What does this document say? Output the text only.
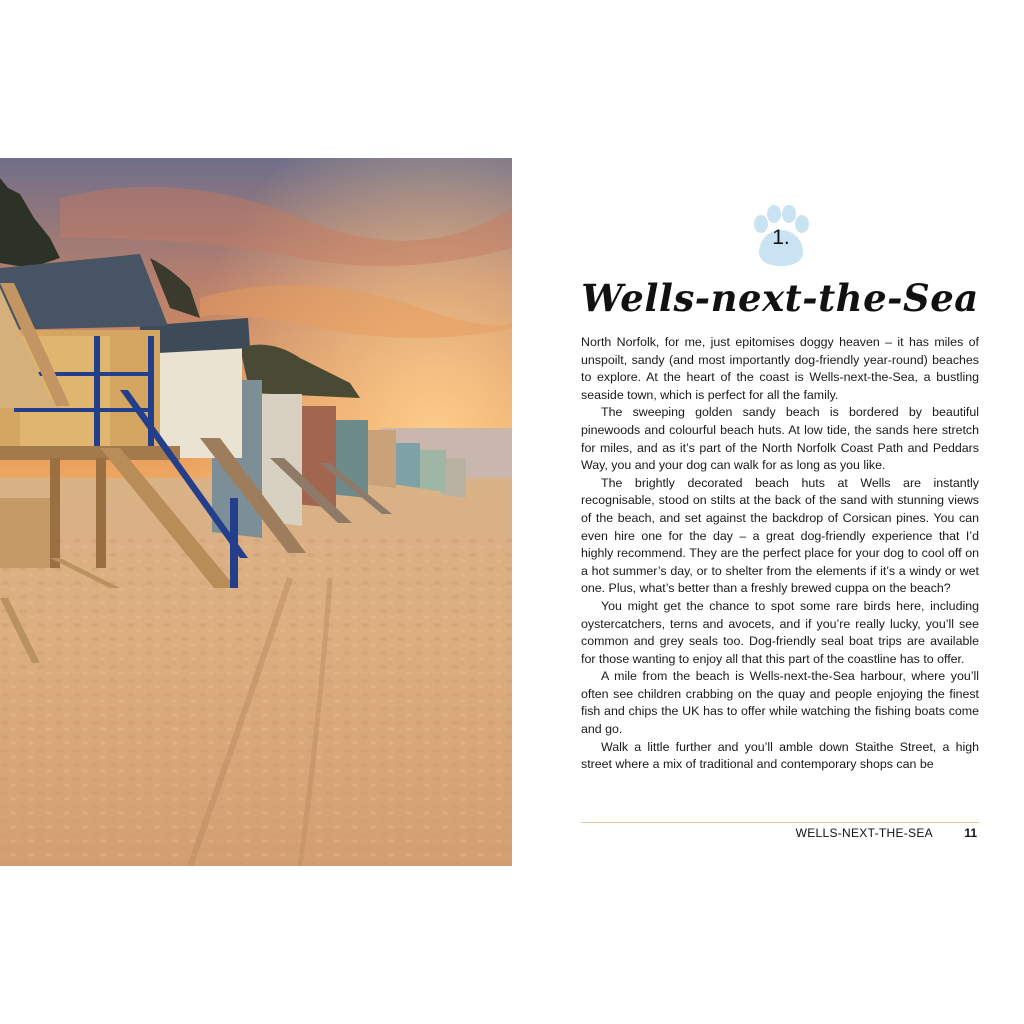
1.
Wells-next-the-Sea

North Norfolk, for me, just epitomises doggy heaven – it has miles of unspoilt, sandy (and most importantly dog-friendly year-round) beaches to explore. At the heart of the coast is Wells-next-the-Sea, a bustling seaside town, which is perfect for all the family.

The sweeping golden sandy beach is bordered by beautiful pinewoods and colourful beach huts. At low tide, the sands here stretch for miles, and as it’s part of the North Norfolk Coast Path and Peddars Way, you and your dog can walk for as long as you like.

The brightly decorated beach huts at Wells are instantly recognisable, stood on stilts at the back of the sand with stunning views of the beach, and set against the backdrop of Corsican pines. You can even hire one for the day – a great dog-friendly experience that I’d highly recommend. They are the perfect place for your dog to cool off on a hot summer’s day, or to shelter from the elements if it’s a windy or wet one. Plus, what’s better than a freshly brewed cuppa on the beach?

You might get the chance to spot some rare birds here, including oystercatchers, terns and avocets, and if you’re really lucky, you’ll see common and grey seals too. Dog-friendly seal boat trips are available for those wanting to enjoy all that this part of the coastline has to offer.

A mile from the beach is Wells-next-the-Sea harbour, where you’ll often see children crabbing on the quay and people enjoying the finest fish and chips the UK has to offer while watching the fishing boats come and go.

Walk a little further and you’ll amble down Staithe Street, a high street where a mix of traditional and contemporary shops can be

WELLS-NEXT-THE-SEA	11
